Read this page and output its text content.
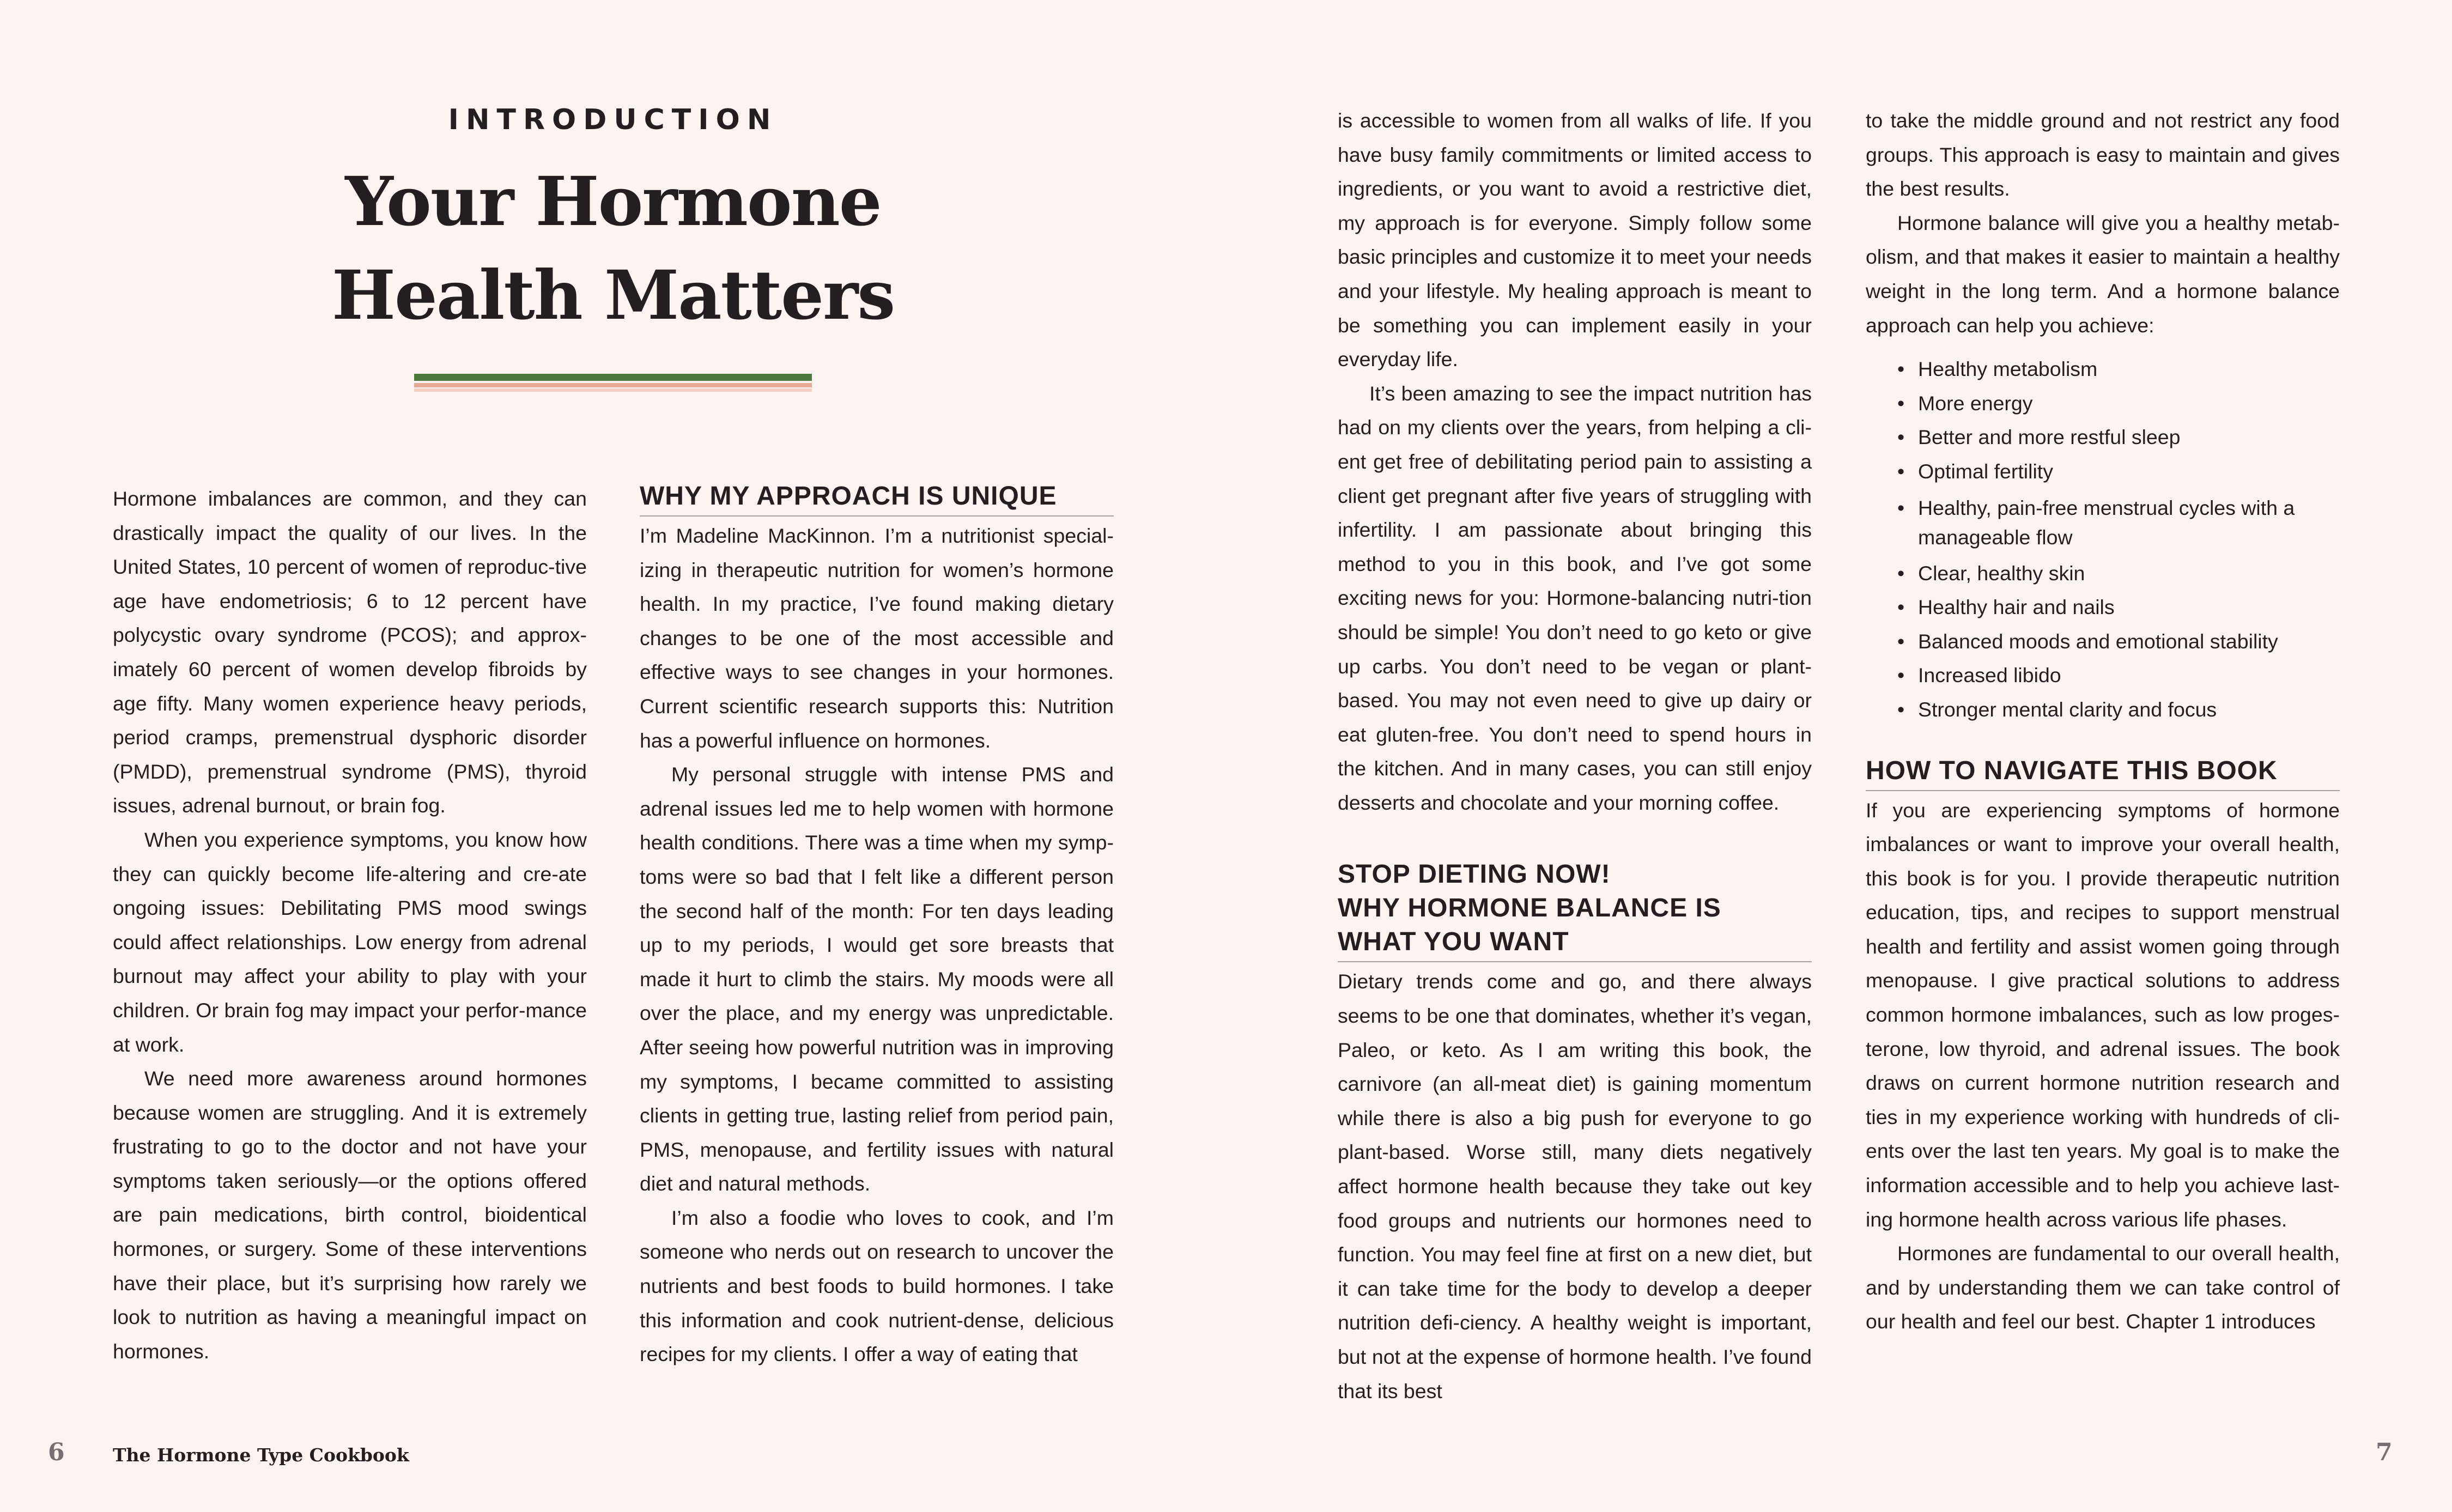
INTRODUCTION
Your Hormone
Health Matters

Hormone imbalances are common, and they can drastically impact the quality of our lives. In the United States, 10 percent of women of reproduc-tive age have endometriosis; 6 to 12 percent have polycystic ovary syndrome (PCOS); and approx-imately 60 percent of women develop fibroids by age fifty. Many women experience heavy periods, period cramps, premenstrual dysphoric disorder (PMDD), premenstrual syndrome (PMS), thyroid issues, adrenal burnout, or brain fog.

When you experience symptoms, you know how they can quickly become life-altering and cre-ate ongoing issues: Debilitating PMS mood swings could affect relationships. Low energy from adrenal burnout may affect your ability to play with your children. Or brain fog may impact your perfor-mance at work.

We need more awareness around hormones because women are struggling. And it is extremely frustrating to go to the doctor and not have your symptoms taken seriously—or the options offered are pain medications, birth control, bioidentical hormones, or surgery. Some of these interventions have their place, but it’s surprising how rarely we look to nutrition as having a meaningful impact on hormones.

WHY MY APPROACH IS UNIQUE

I’m Madeline MacKinnon. I’m a nutritionist special-izing in therapeutic nutrition for women’s hormone health. In my practice, I’ve found making dietary changes to be one of the most accessible and effective ways to see changes in your hormones. Current scientific research supports this: Nutrition has a powerful influence on hormones.

My personal struggle with intense PMS and adrenal issues led me to help women with hormone health conditions. There was a time when my symp-toms were so bad that I felt like a different person the second half of the month: For ten days leading up to my periods, I would get sore breasts that made it hurt to climb the stairs. My moods were all over the place, and my energy was unpredictable. After seeing how powerful nutrition was in improving my symptoms, I became committed to assisting clients in getting true, lasting relief from period pain, PMS, menopause, and fertility issues with natural diet and natural methods.

I’m also a foodie who loves to cook, and I’m someone who nerds out on research to uncover the nutrients and best foods to build hormones. I take this information and cook nutrient-dense, delicious recipes for my clients. I offer a way of eating that

is accessible to women from all walks of life. If you have busy family commitments or limited access to ingredients, or you want to avoid a restrictive diet, my approach is for everyone. Simply follow some basic principles and customize it to meet your needs and your lifestyle. My healing approach is meant to be something you can implement easily in your everyday life.

It’s been amazing to see the impact nutrition has had on my clients over the years, from helping a cli-ent get free of debilitating period pain to assisting a client get pregnant after five years of struggling with infertility. I am passionate about bringing this method to you in this book, and I’ve got some exciting news for you: Hormone-balancing nutri-tion should be simple! You don’t need to go keto or give up carbs. You don’t need to be vegan or plant-based. You may not even need to give up dairy or eat gluten-free. You don’t need to spend hours in the kitchen. And in many cases, you can still enjoy desserts and chocolate and your morning coffee.

STOP DIETING NOW!
WHY HORMONE BALANCE IS
WHAT YOU WANT

Dietary trends come and go, and there always seems to be one that dominates, whether it’s vegan, Paleo, or keto. As I am writing this book, the carnivore (an all-meat diet) is gaining momentum while there is also a big push for everyone to go plant-based. Worse still, many diets negatively affect hormone health because they take out key food groups and nutrients our hormones need to function. You may feel fine at first on a new diet, but it can take time for the body to develop a deeper nutrition defi-ciency. A healthy weight is important, but not at the expense of hormone health. I’ve found that its best

to take the middle ground and not restrict any food groups. This approach is easy to maintain and gives the best results.

Hormone balance will give you a healthy metab-olism, and that makes it easier to maintain a healthy weight in the long term. And a hormone balance approach can help you achieve:

• Healthy metabolism
• More energy
• Better and more restful sleep
• Optimal fertility
• Healthy, pain-free menstrual cycles with a manageable flow
• Clear, healthy skin
• Healthy hair and nails
• Balanced moods and emotional stability
• Increased libido
• Stronger mental clarity and focus
HOW TO NAVIGATE THIS BOOK

If you are experiencing symptoms of hormone imbalances or want to improve your overall health, this book is for you. I provide therapeutic nutrition education, tips, and recipes to support menstrual health and fertility and assist women going through menopause. I give practical solutions to address common hormone imbalances, such as low proges-terone, low thyroid, and adrenal issues. The book draws on current hormone nutrition research and ties in my experience working with hundreds of cli-ents over the last ten years. My goal is to make the information accessible and to help you achieve last-ing hormone health across various life phases.

Hormones are fundamental to our overall health, and by understanding them we can take control of our health and feel our best. Chapter 1 introduces

6	The Hormone Type Cookbook	7
